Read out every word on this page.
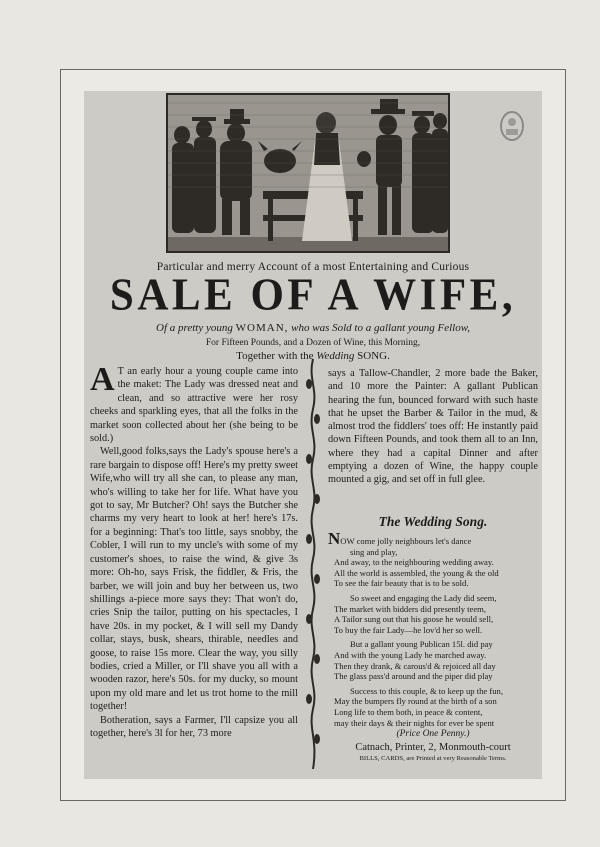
Particular and merry Account of a most Entertaining and Curious
SALE OF A WIFE,
Of a pretty young WOMAN, who was Sold to a gallant young Fellow,
For Fifteen Pounds, and a Dozen of Wine, this Morning,
Together with the Wedding SONG.

A T an early hour a young couple came into the maket: The Lady was dressed neat and clean, and so attractive were her rosy cheeks and sparkling eyes, that all the folks in the market soon collected about her (she being to be sold.)

Well,good folks,says the Lady's spouse here's a rare bargain to dispose off! Here's my pretty sweet Wife,who will try all she can, to please any man, who's willing to take her for life. What have you got to say, Mr Butcher? Oh! says the Butcher she charms my very heart to look at her! here's 17s. for a beginning: That's too little, says snobby, the Cobler, I will run to my uncle's with some of my customer's shoes, to raise the wind, & give 3s more: Oh-ho, says Frisk, the fiddler, & Fris, the barber, we will join and buy her between us, two shillings a-piece more says they: That won't do, cries Snip the tailor, putting on his spectacles, I have 20s. in my pocket, & I will sell my Dandy collar, stays, busk, shears, thirable, needles and goose, to raise 15s more. Clear the way, you silly bodies, cried a Miller, or I'll shave you all with a wooden razor, here's 50s. for my ducky, so mount upon my old mare and let us trot home to the mill together!

Botheration, says a Farmer, I'll capsize you all together, here's 3l for her, 73 more

says a Tallow-Chandler, 2 more bade the Baker, and 10 more the Painter: A gallant Publican hearing the fun, bounced forward with such haste that he upset the Barber & Tailor in the mud, & almost trod the fiddlers' toes off: He instantly paid down Fifteen Pounds, and took them all to an Inn, where they had a capital Dinner and after emptying a dozen of Wine, the happy couple mounted a gig, and set off in full glee.

The Wedding Song.
NOW come jolly neighbours let's dance
sing and play,
And away, to the neighbouring wedding away.
All the world is assembled, the young & the old
To see the fair beauty that is to be sold.
So sweet and engaging the Lady did seem,
The market with bidders did presently teem,
A Tailor sung out that his goose he would sell,
To buy the fair Lady—he lov'd her so well.
But a gallant young Publican 15l. did pay
And with the young Lady he marched away.
Then they drank, & carous'd & rejoiced all day
The glass pass'd around and the piper did play
Success to this couple, & to keep up the fun,
May the bumpers fly round at the birth of a son
Long life to them both, in peace & content,
may their days & their nights for ever be spent
(Price One Penny.)
Catnach, Printer, 2, Monmouth-court
BILLS, CARDS, are Printed at very Reasonable Terms.
